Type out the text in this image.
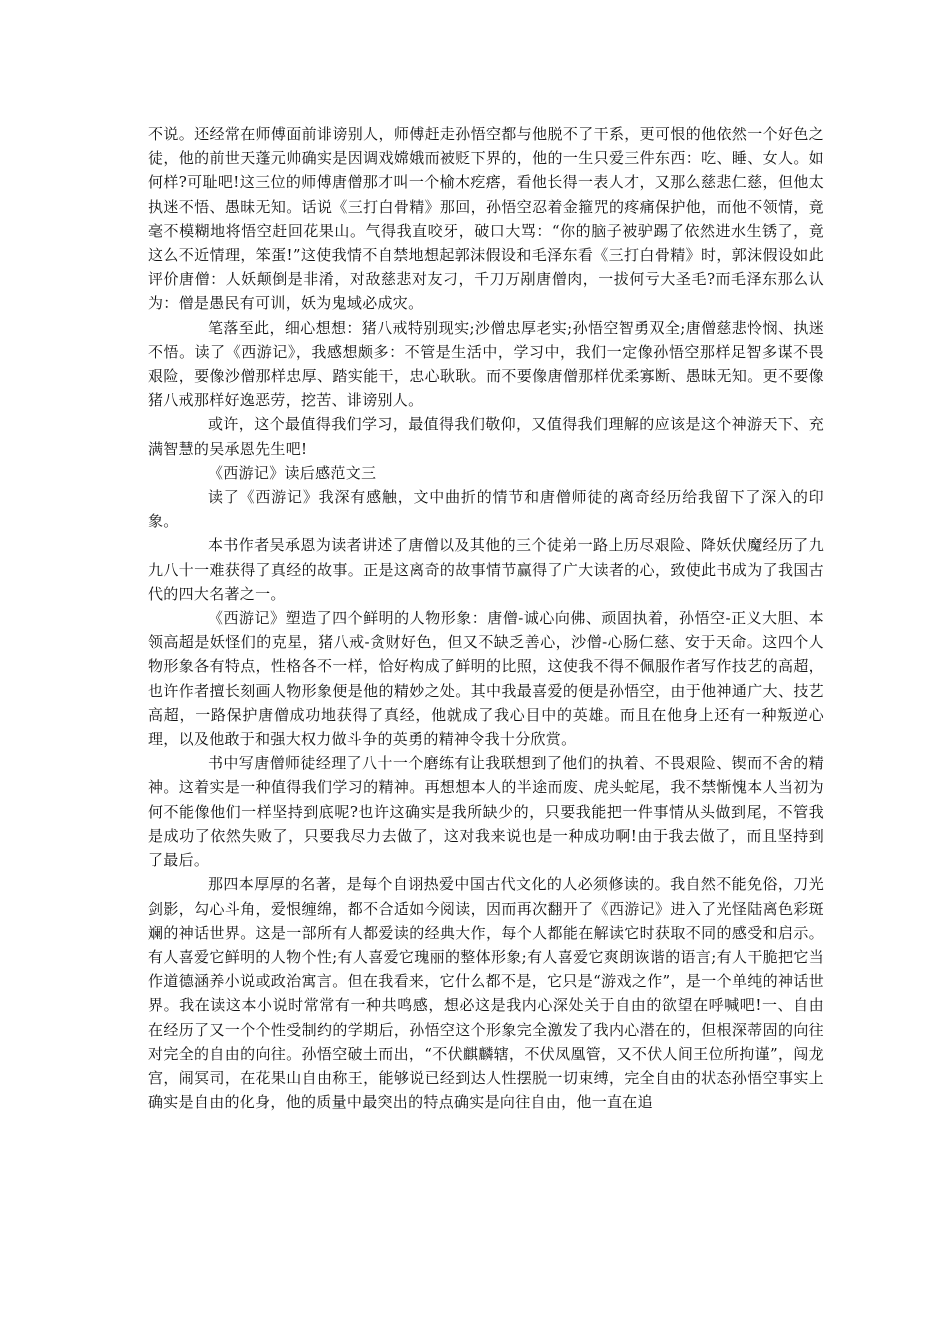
不说。还经常在师傅面前诽谤别人，师傅赶走孙悟空都与他脱不了干系，更可恨的他依然一个好色之徒，他的前世天蓬元帅确实是因调戏嫦娥而被贬下界的，他的一生只爱三件东西：吃、睡、女人。如何样?可耻吧!这三位的师傅唐僧那才叫一个榆木疙瘩，看他长得一表人才，又那么慈悲仁慈，但他太执迷不悟、愚昧无知。话说《三打白骨精》那回，孙悟空忍着金箍咒的疼痛保护他，而他不领情，竟毫不模糊地将悟空赶回花果山。气得我直咬牙，破口大骂：“你的脑子被驴踢了依然进水生锈了，竟这么不近情理，笨蛋!”这使我情不自禁地想起郭沫假设和毛泽东看《三打白骨精》时，郭沫假设如此评价唐僧：人妖颠倒是非淆，对敌慈悲对友刁，千刀万剐唐僧肉，一拔何亏大圣毛?而毛泽东那么认为：僧是愚民有可训，妖为鬼域必成灾。

笔落至此，细心想想：猪八戒特别现实;沙僧忠厚老实;孙悟空智勇双全;唐僧慈悲怜悯、执迷不悟。读了《西游记》，我感想颇多：不管是生活中，学习中，我们一定像孙悟空那样足智多谋不畏艰险，要像沙僧那样忠厚、踏实能干，忠心耿耿。而不要像唐僧那样优柔寡断、愚昧无知。更不要像猪八戒那样好逸恶劳，挖苦、诽谤别人。

或许，这个最值得我们学习，最值得我们敬仰，又值得我们理解的应该是这个神游天下、充满智慧的吴承恩先生吧!

《西游记》读后感范文三

读了《西游记》我深有感触，文中曲折的情节和唐僧师徒的离奇经历给我留下了深入的印象。

本书作者吴承恩为读者讲述了唐僧以及其他的三个徒弟一路上历尽艰险、降妖伏魔经历了九九八十一难获得了真经的故事。正是这离奇的故事情节赢得了广大读者的心，致使此书成为了我国古代的四大名著之一。

《西游记》塑造了四个鲜明的人物形象：唐僧-诚心向佛、顽固执着，孙悟空-正义大胆、本领高超是妖怪们的克星，猪八戒-贪财好色，但又不缺乏善心，沙僧-心肠仁慈、安于天命。这四个人物形象各有特点，性格各不一样，恰好构成了鲜明的比照，这使我不得不佩服作者写作技艺的高超，也许作者擅长刻画人物形象便是他的精妙之处。其中我最喜爱的便是孙悟空，由于他神通广大、技艺高超，一路保护唐僧成功地获得了真经，他就成了我心目中的英雄。而且在他身上还有一种叛逆心理，以及他敢于和强大权力做斗争的英勇的精神令我十分欣赏。

书中写唐僧师徒经理了八十一个磨练有让我联想到了他们的执着、不畏艰险、锲而不舍的精神。这着实是一种值得我们学习的精神。再想想本人的半途而废、虎头蛇尾，我不禁惭愧本人当初为何不能像他们一样坚持到底呢?也许这确实是我所缺少的，只要我能把一件事情从头做到尾，不管我是成功了依然失败了，只要我尽力去做了，这对我来说也是一种成功啊!由于我去做了，而且坚持到了最后。

那四本厚厚的名著，是每个自诩热爱中国古代文化的人必须修读的。我自然不能免俗，刀光剑影，勾心斗角，爱恨缠绵，都不合适如今阅读，因而再次翻开了《西游记》进入了光怪陆离色彩斑斓的神话世界。这是一部所有人都爱读的经典大作，每个人都能在解读它时获取不同的感受和启示。有人喜爱它鲜明的人物个性;有人喜爱它瑰丽的整体形象;有人喜爱它爽朗诙谐的语言;有人干脆把它当作道德涵养小说或政治寓言。但在我看来，它什么都不是，它只是“游戏之作”，是一个单纯的神话世界。我在读这本小说时常常有一种共鸣感，想必这是我内心深处关于自由的欲望在呼喊吧!一、自由在经历了又一个个性受制约的学期后，孙悟空这个形象完全激发了我内心潜在的，但根深蒂固的向往对完全的自由的向往。孙悟空破土而出，“不伏麒麟辖，不伏凤凰管，又不伏人间王位所拘谨”，闯龙宫，闹冥司，在花果山自由称王，能够说已经到达人性摆脱一切束缚，完全自由的状态孙悟空事实上确实是自由的化身，他的质量中最突出的特点确实是向往自由，他一直在追
